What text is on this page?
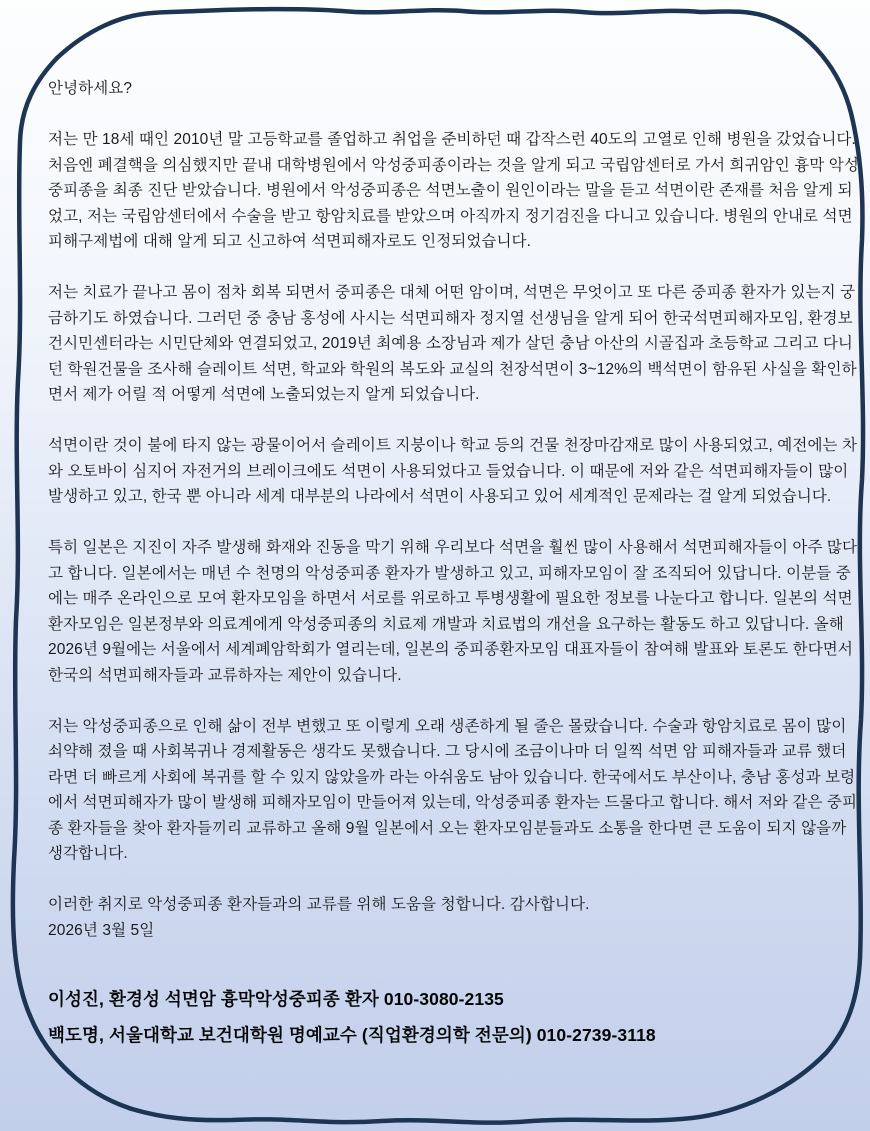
안녕하세요?

저는 만 18세 때인 2010년 말 고등학교를 졸업하고 취업을 준비하던 때 갑작스런 40도의 고열로 인해 병원을 갔었습니다. 처음엔 폐결핵을 의심했지만 끝내 대학병원에서 악성중피종이라는 것을 알게 되고 국립암센터로 가서 희귀암인 흉막 악성중피종을 최종 진단 받았습니다. 병원에서 악성중피종은 석면노출이 원인이라는 말을 듣고 석면이란 존재를 처음 알게 되었고, 저는 국립암센터에서 수술을 받고 항암치료를 받았으며 아직까지 정기검진을 다니고 있습니다. 병원의 안내로 석면피해구제법에 대해 알게 되고 신고하여 석면피해자로도 인정되었습니다.

저는 치료가 끝나고 몸이 점차 회복 되면서 중피종은 대체 어떤 암이며, 석면은 무엇이고 또 다른 중피종 환자가 있는지 궁금하기도 하였습니다. 그러던 중 충남 홍성에 사시는 석면피해자 정지열 선생님을 알게 되어 한국석면피해자모임, 환경보건시민센터라는 시민단체와 연결되었고, 2019년 최예용 소장님과 제가 살던 충남 아산의 시골집과 초등학교 그리고 다니던 학원건물을 조사해 슬레이트 석면, 학교와 학원의 복도와 교실의 천장석면이 3~12%의 백석면이 함유된 사실을 확인하면서 제가 어릴 적 어떻게 석면에 노출되었는지 알게 되었습니다.

석면이란 것이 불에 타지 않는 광물이어서 슬레이트 지붕이나 학교 등의 건물 천장마감재로 많이 사용되었고, 예전에는 차와 오토바이 심지어 자전거의 브레이크에도 석면이 사용되었다고 들었습니다. 이 때문에 저와 같은 석면피해자들이 많이 발생하고 있고, 한국 뿐 아니라 세계 대부분의 나라에서 석면이 사용되고 있어 세계적인 문제라는 걸 알게 되었습니다.

특히 일본은 지진이 자주 발생해 화재와 진동을 막기 위해 우리보다 석면을 훨씬 많이 사용해서 석면피해자들이 아주 많다고 합니다. 일본에서는 매년 수 천명의 악성중피종 환자가 발생하고 있고, 피해자모임이 잘 조직되어 있답니다. 이분들 중에는 매주 온라인으로 모여 환자모임을 하면서 서로를 위로하고 투병생활에 필요한 정보를 나눈다고 합니다. 일본의 석면환자모임은 일본정부와 의료계에게 악성중피종의 치료제 개발과 치료법의 개선을 요구하는 활동도 하고 있답니다. 올해 2026년 9월에는 서울에서 세계폐암학회가 열리는데, 일본의 중피종환자모임 대표자들이 참여해 발표와 토론도 한다면서 한국의 석면피해자들과 교류하자는 제안이 있습니다.

저는 악성중피종으로 인해 삶이 전부 변했고 또 이렇게 오래 생존하게 될 줄은 몰랐습니다. 수술과 항암치료로 몸이 많이 쇠약해 졌을 때 사회복귀나 경제활동은 생각도 못했습니다. 그 당시에 조금이나마 더 일찍 석면 암 피해자들과 교류 했더라면 더 빠르게 사회에 복귀를 할 수 있지 않았을까 라는 아쉬움도 남아 있습니다. 한국에서도 부산이나, 충남 홍성과 보령에서 석면피해자가 많이 발생해 피해자모임이 만들어져 있는데, 악성중피종 환자는 드물다고 합니다. 해서 저와 같은 중피종 환자들을 찾아 환자들끼리 교류하고 올해 9월 일본에서 오는 환자모임분들과도 소통을 한다면 큰 도움이 되지 않을까 생각합니다.

이러한 취지로 악성중피종 환자들과의 교류를 위해 도움을 청합니다. 감사합니다.

2026년 3월 5일
이성진, 환경성 석면암 흉막악성중피종 환자 010-3080-2135
백도명, 서울대학교 보건대학원 명예교수 (직업환경의학 전문의) 010-2739-3118
